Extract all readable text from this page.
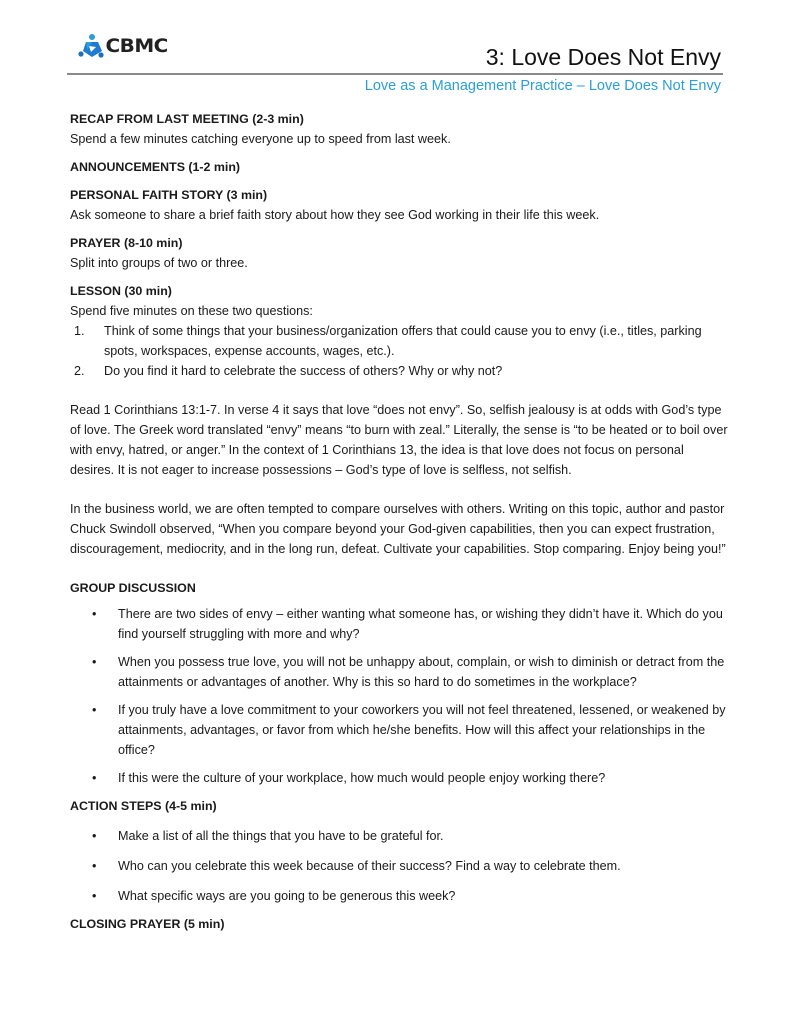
CBMC	3: Love Does Not Envy
Love as a Management Practice – Love Does Not Envy

RECAP FROM LAST MEETING (2-3 min)

Spend a few minutes catching everyone up to speed from last week.

ANNOUNCEMENTS (1-2 min)

PERSONAL FAITH STORY (3 min)

Ask someone to share a brief faith story about how they see God working in their life this week.

PRAYER (8-10 min)

Split into groups of two or three.

LESSON (30 min)

Spend five minutes on these two questions:

1. Think of some things that your business/organization offers that could cause you to envy (i.e., titles, parking spots, workspaces, expense accounts, wages, etc.).
2. Do you find it hard to celebrate the success of others? Why or why not?

Read 1 Corinthians 13:1-7. In verse 4 it says that love “does not envy”. So, selfish jealousy is at odds with God’s type of love. The Greek word translated “envy” means “to burn with zeal.” Literally, the sense is “to be heated or to boil over with envy, hatred, or anger.” In the context of 1 Corinthians 13, the idea is that love does not focus on personal desires. It is not eager to increase possessions – God’s type of love is selfless, not selfish.

In the business world, we are often tempted to compare ourselves with others. Writing on this topic, author and pastor Chuck Swindoll observed, “When you compare beyond your God-given capabilities, then you can expect frustration, discouragement, mediocrity, and in the long run, defeat. Cultivate your capabilities. Stop comparing. Enjoy being you!”

GROUP DISCUSSION

• There are two sides of envy – either wanting what someone has, or wishing they didn’t have it. Which do you find yourself struggling with more and why?
• When you possess true love, you will not be unhappy about, complain, or wish to diminish or detract from the attainments or advantages of another. Why is this so hard to do sometimes in the workplace?
• If you truly have a love commitment to your coworkers you will not feel threatened, lessened, or weakened by attainments, advantages, or favor from which he/she benefits. How will this affect your relationships in the office?
• If this were the culture of your workplace, how much would people enjoy working there?

ACTION STEPS (4-5 min)

• Make a list of all the things that you have to be grateful for.
• Who can you celebrate this week because of their success? Find a way to celebrate them.
• What specific ways are you going to be generous this week?

CLOSING PRAYER (5 min)
